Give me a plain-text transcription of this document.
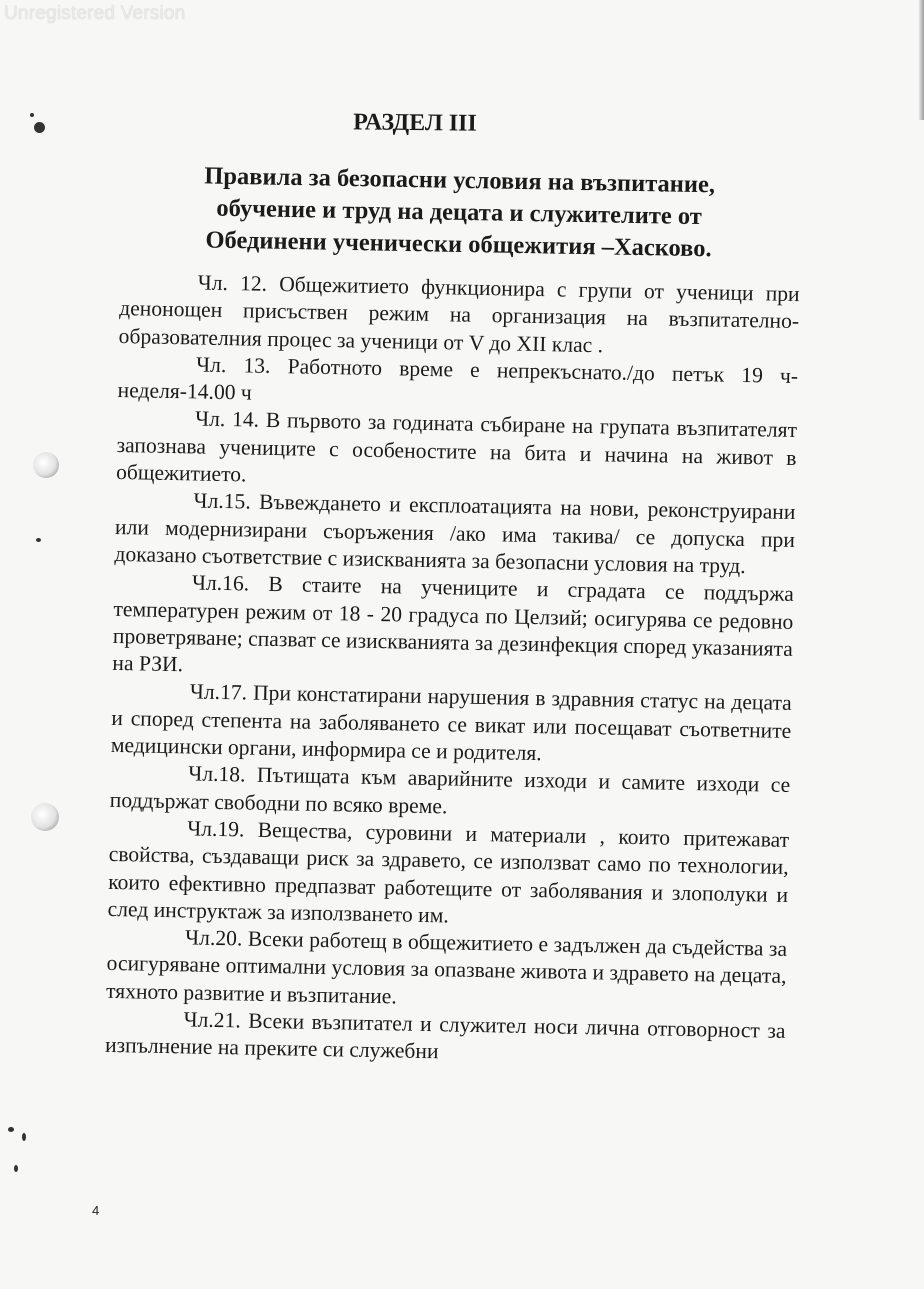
Unregistered Version
РАЗДЕЛ III
Правила за безопасни условия на възпитание,
обучение и труд на децата и служителите от
Обединени ученически общежития –Хасково.

Чл. 12. Общежитието функционира с групи от ученици при денонощен присъствен режим на организация на възпитателно-образователния процес за ученици от V до XII клас .

Чл. 13. Работното време е непрекъснато./до петък 19 ч- неделя-14.00 ч

Чл. 14. В първото за годината събиране на групата възпитателят запознава учениците с особеностите на бита и начина на живот в общежитието.

Чл.15. Въвеждането и експлоатацията на нови, реконструирани или модернизирани съоръжения /ако има такива/ се допуска при доказано съответствие с изискванията за безопасни условия на труд.

Чл.16. В стаите на учениците и сградата се поддържа температурен режим от 18 - 20 градуса по Целзий; осигурява се редовно проветряване; спазват се изискванията за дезинфекция според указанията на РЗИ.

Чл.17. При констатирани нарушения в здравния статус на децата и според степента на заболяването се викат или посещават съответните медицински органи, информира се и родителя.

Чл.18. Пътищата към аварийните изходи и самите изходи се поддържат свободни по всяко време.

Чл.19. Вещества, суровини и материали , които притежават свойства, създаващи риск за здравето, се използват само по технологии, които ефективно предпазват работещите от заболявания и злополуки и след инструктаж за използването им.

Чл.20. Всеки работещ в общежитието е задължен да съдейства за осигуряване оптимални условия за опазване живота и здравето на децата, тяхното развитие и възпитание.

Чл.21. Всеки възпитател и служител носи лична отговорност за изпълнение на преките си служебни

4
